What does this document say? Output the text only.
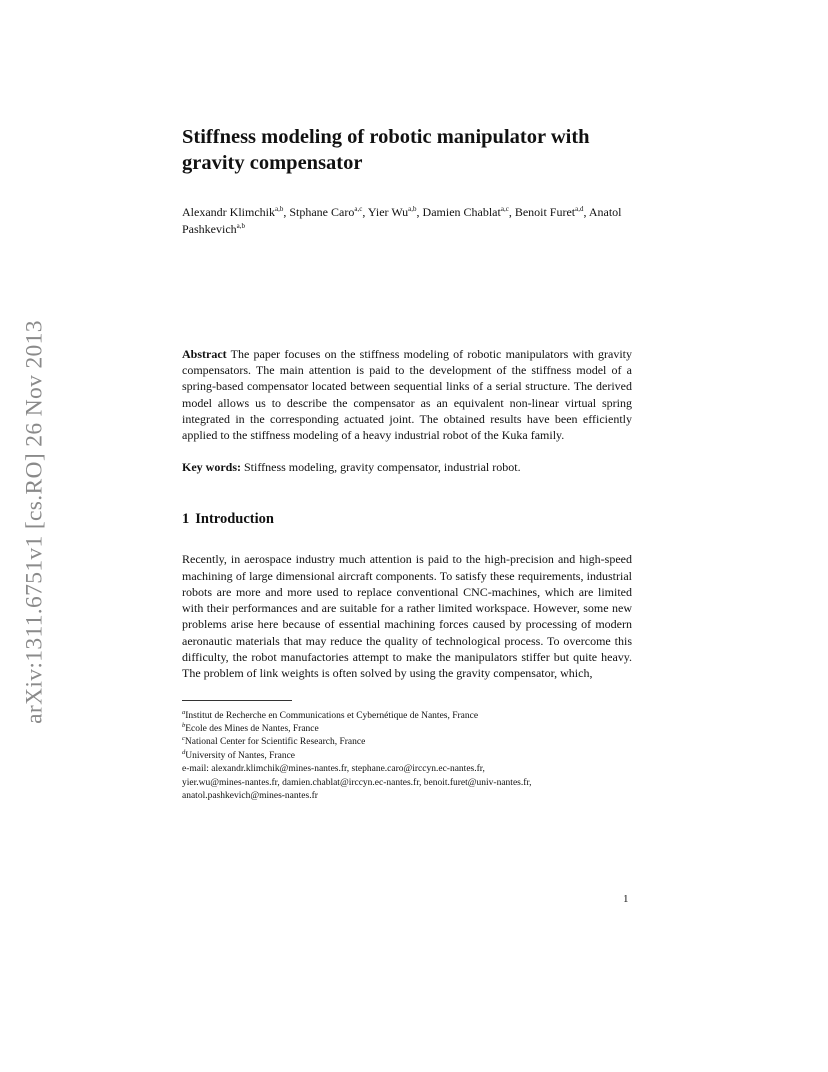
arXiv:1311.6751v1 [cs.RO] 26 Nov 2013
Stiffness modeling of robotic manipulator with gravity compensator
Alexandr Klimchik$^{a,b}$, Stphane Caro$^{a,c}$, Yier Wu$^{a,b}$, Damien Chablat$^{a,c}$, Benoit Furet$^{a,d}$, Anatol Pashkevich$^{a,b}$
Abstract The paper focuses on the stiffness modeling of robotic manipulators with gravity compensators. The main attention is paid to the development of the stiffness model of a spring-based compensator located between sequential links of a serial structure. The derived model allows us to describe the compensator as an equivalent non-linear virtual spring integrated in the corresponding actuated joint. The obtained results have been efficiently applied to the stiffness modeling of a heavy industrial robot of the Kuka family.
Key words: Stiffness modeling, gravity compensator, industrial robot.
1 Introduction
Recently, in aerospace industry much attention is paid to the high-precision and high-speed machining of large dimensional aircraft components. To satisfy these requirements, industrial robots are more and more used to replace conventional CNC-machines, which are limited with their performances and are suitable for a rather limited workspace. However, some new problems arise here because of essential machining forces caused by processing of modern aeronautic materials that may reduce the quality of technological process. To overcome this difficulty, the robot manufactories attempt to make the manipulators stiffer but quite heavy. The problem of link weights is often solved by using the gravity compensator, which,
$^a$Institut de Recherche en Communications et Cybernétique de Nantes, France
$^b$Ecole des Mines de Nantes, France
$^c$National Center for Scientific Research, France
$^d$University of Nantes, France
e-mail: alexandr.klimchik@mines-nantes.fr, stephane.caro@irccyn.ec-nantes.fr,
yier.wu@mines-nantes.fr, damien.chablat@irccyn.ec-nantes.fr, benoit.furet@univ-nantes.fr,
anatol.pashkevich@mines-nantes.fr
1
